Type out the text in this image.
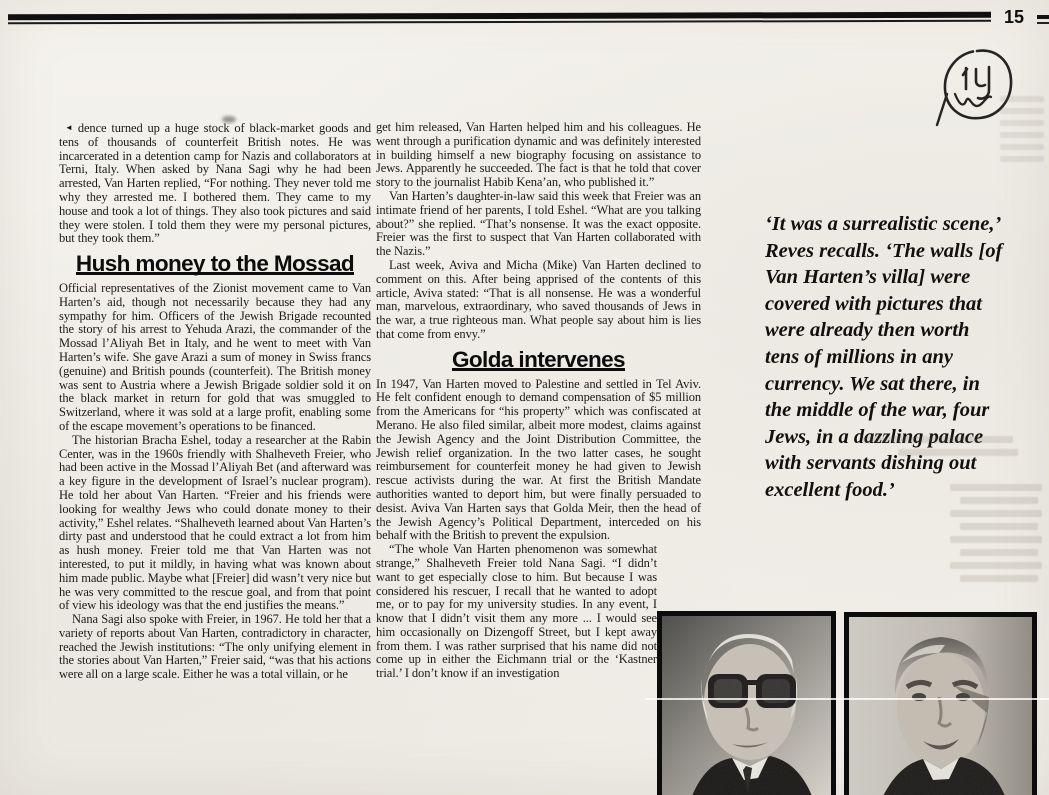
15

◄ dence turned up a huge stock of black-market goods and tens of thousands of counterfeit British notes. He was incarcerated in a detention camp for Nazis and collaborators at Terni, Italy. When asked by Nana Sagi why he had been arrested, Van Harten replied, “For nothing. They never told me why they arrested me. I bothered them. They came to my house and took a lot of things. They also took pictures and said they were stolen. I told them they were my personal pictures, but they took them.”

Hush money to the Mossad

Official representatives of the Zionist movement came to Van Harten’s aid, though not necessarily because they had any sympathy for him. Officers of the Jewish Brigade recounted the story of his arrest to Yehuda Arazi, the commander of the Mossad l’Aliyah Bet in Italy, and he went to meet with Van Harten’s wife. She gave Arazi a sum of money in Swiss francs (genuine) and British pounds (counterfeit). The British money was sent to Austria where a Jewish Brigade soldier sold it on the black market in return for gold that was smuggled to Switzerland, where it was sold at a large profit, enabling some of the escape movement’s operations to be financed.

The historian Bracha Eshel, today a researcher at the Rabin Center, was in the 1960s friendly with Shalheveth Freier, who had been active in the Mossad l’Aliyah Bet (and afterward was a key figure in the development of Israel’s nuclear program). He told her about Van Harten. “Freier and his friends were looking for wealthy Jews who could donate money to their activity,” Eshel relates. “Shalheveth learned about Van Harten’s dirty past and understood that he could extract a lot from him as hush money. Freier told me that Van Harten was not interested, to put it mildly, in having what was known about him made public. Maybe what [Freier] did wasn’t very nice but he was very committed to the rescue goal, and from that point of view his ideology was that the end justifies the means.”

Nana Sagi also spoke with Freier, in 1967. He told her that a variety of reports about Van Harten, contradictory in character, reached the Jewish institutions: “The only unifying element in the stories about Van Harten,” Freier said, “was that his actions were all on a large scale. Either he was a total villain, or he

get him released, Van Harten helped him and his colleagues. He went through a purification dynamic and was definitely interested in building himself a new biography focusing on assistance to Jews. Apparently he succeeded. The fact is that he told that cover story to the journalist Habib Kena’an, who published it.”

Van Harten’s daughter-in-law said this week that Freier was an intimate friend of her parents, I told Eshel. “What are you talking about?” she replied. “That’s nonsense. It was the exact opposite. Freier was the first to suspect that Van Harten collaborated with the Nazis.”

Last week, Aviva and Micha (Mike) Van Harten declined to comment on this. After being apprised of the contents of this article, Aviva stated: “That is all nonsense. He was a wonderful man, marvelous, extraordinary, who saved thousands of Jews in the war, a true righteous man. What people say about him is lies that come from envy.”

Golda intervenes

In 1947, Van Harten moved to Palestine and settled in Tel Aviv. He felt confident enough to demand compensation of $5 million from the Americans for “his property” which was confiscated at Merano. He also filed similar, albeit more modest, claims against the Jewish Agency and the Joint Distribution Committee, the Jewish relief organization. In the two latter cases, he sought reimbursement for counterfeit money he had given to Jewish rescue activists during the war. At first the British Mandate authorities wanted to deport him, but were finally persuaded to desist. Aviva Van Harten says that Golda Meir, then the head of the Jewish Agency’s Political Department, interceded on his behalf with the British to prevent the expulsion.

“The whole Van Harten phenomenon was somewhat strange,” Shalheveth Freier told Nana Sagi. “I didn’t want to get especially close to him. But because I was considered his rescuer, I recall that he wanted to adopt me, or to pay for my university studies. In any event, I know that I didn’t visit them any more ... I would see him occasionally on Dizengoff Street, but I kept away from them. I was rather surprised that his name did not come up in either the Eichmann trial or the ‘Kastner trial.’ I don’t know if an investigation

‘It was a surrealistic scene,’ Reves recalls. ‘The walls [of Van Harten’s villa] were covered with pictures that were already then worth tens of millions in any currency. We sat there, in the middle of the war, four Jews, in a dazzling palace with servants dishing out excellent food.’
